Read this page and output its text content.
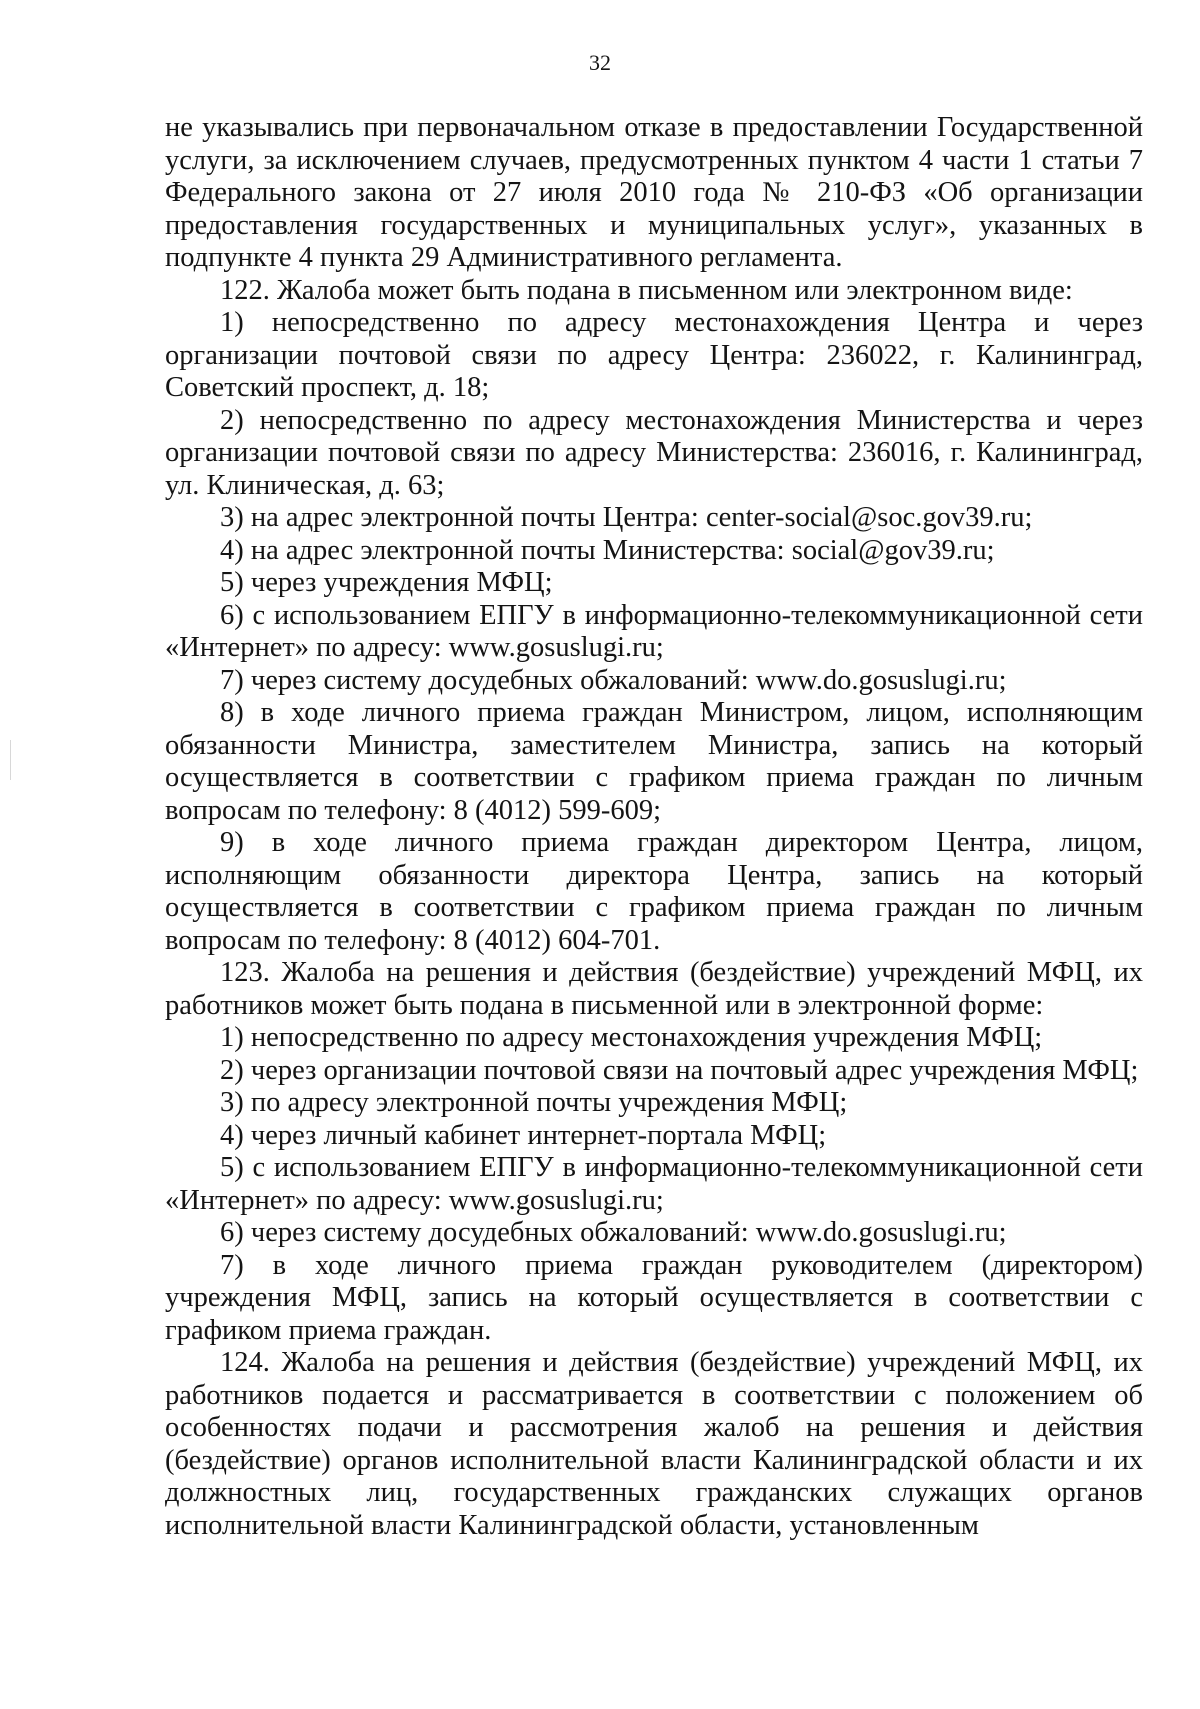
32

не указывались при первоначальном отказе в предоставлении Государственной услуги, за исключением случаев, предусмотренных пунктом 4 части 1 статьи 7 Федерального закона от 27 июля 2010 года № 210-ФЗ «Об организации предоставления государственных и муниципальных услуг», указанных в подпункте 4 пункта 29 Административного регламента.

122. Жалоба может быть подана в письменном или электронном виде:

1) непосредственно по адресу местонахождения Центра и через организации почтовой связи по адресу Центра: 236022, г. Калининград, Советский проспект, д. 18;

2) непосредственно по адресу местонахождения Министерства и через организации почтовой связи по адресу Министерства: 236016, г. Калининград, ул. Клиническая, д. 63;

3) на адрес электронной почты Центра: center-social@soc.gov39.ru;

4) на адрес электронной почты Министерства: social@gov39.ru;

5) через учреждения МФЦ;

6) с использованием ЕПГУ в информационно-телекоммуникационной сети «Интернет» по адресу: www.gosuslugi.ru;

7) через систему досудебных обжалований: www.do.gosuslugi.ru;

8) в ходе личного приема граждан Министром, лицом, исполняющим обязанности Министра, заместителем Министра, запись на который осуществляется в соответствии с графиком приема граждан по личным вопросам по телефону: 8 (4012) 599-609;

9) в ходе личного приема граждан директором Центра, лицом, исполняющим обязанности директора Центра, запись на который осуществляется в соответствии с графиком приема граждан по личным вопросам по телефону: 8 (4012) 604-701.

123. Жалоба на решения и действия (бездействие) учреждений МФЦ, их работников может быть подана в письменной или в электронной форме:

1) непосредственно по адресу местонахождения учреждения МФЦ;

2) через организации почтовой связи на почтовый адрес учреждения МФЦ;

3) по адресу электронной почты учреждения МФЦ;

4) через личный кабинет интернет-портала МФЦ;

5) с использованием ЕПГУ в информационно-телекоммуникационной сети «Интернет» по адресу: www.gosuslugi.ru;

6) через систему досудебных обжалований: www.do.gosuslugi.ru;

7) в ходе личного приема граждан руководителем (директором) учреждения МФЦ, запись на который осуществляется в соответствии с графиком приема граждан.

124. Жалоба на решения и действия (бездействие) учреждений МФЦ, их работников подается и рассматривается в соответствии с положением об особенностях подачи и рассмотрения жалоб на решения и действия (бездействие) органов исполнительной власти Калининградской области и их должностных лиц, государственных гражданских служащих органов исполнительной власти Калининградской области, установленным
